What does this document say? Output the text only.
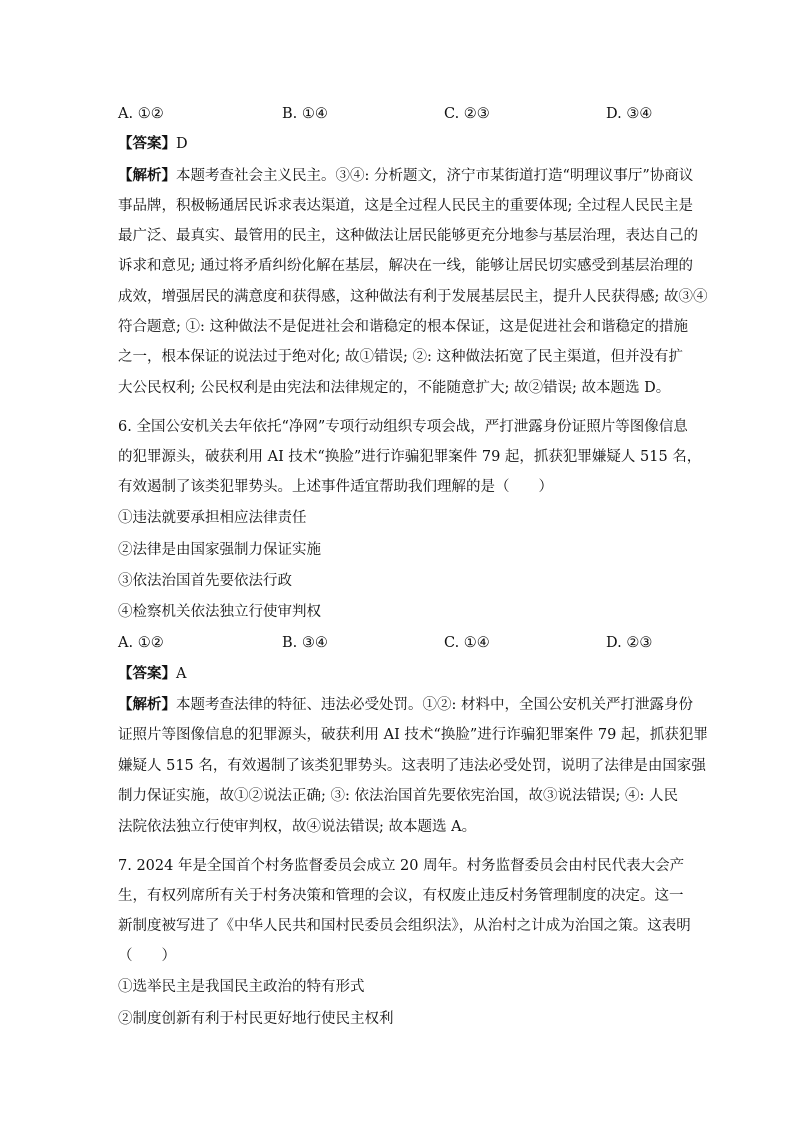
A. ①②	B. ①④	C. ②③	D. ③④
【答案】D
【解析】本题考查社会主义民主。③④: 分析题文，济宁市某街道打造“明理议事厅”协商议
事品牌，积极畅通居民诉求表达渠道，这是全过程人民民主的重要体现; 全过程人民民主是
最广泛、最真实、最管用的民主，这种做法让居民能够更充分地参与基层治理，表达自己的
诉求和意见; 通过将矛盾纠纷化解在基层，解决在一线，能够让居民切实感受到基层治理的
成效，增强居民的满意度和获得感，这种做法有利于发展基层民主，提升人民获得感; 故③④
符合题意; ①: 这种做法不是促进社会和谐稳定的根本保证，这是促进社会和谐稳定的措施
之一，根本保证的说法过于绝对化; 故①错误; ②: 这种做法拓宽了民主渠道，但并没有扩
大公民权利; 公民权利是由宪法和法律规定的，不能随意扩大; 故②错误; 故本题选 D。
6. 全国公安机关去年依托“净网”专项行动组织专项会战，严打泄露身份证照片等图像信息
的犯罪源头，破获利用 AI 技术“换脸”进行诈骗犯罪案件 79 起，抓获犯罪嫌疑人 515 名，
有效遏制了该类犯罪势头。上述事件适宜帮助我们理解的是（　　）
①违法就要承担相应法律责任
②法律是由国家强制力保证实施
③依法治国首先要依法行政
④检察机关依法独立行使审判权
A. ①②	B. ③④	C. ①④	D. ②③
【答案】A
【解析】本题考查法律的特征、违法必受处罚。①②: 材料中，全国公安机关严打泄露身份
证照片等图像信息的犯罪源头，破获利用 AI 技术“换脸”进行诈骗犯罪案件 79 起，抓获犯罪
嫌疑人 515 名，有效遏制了该类犯罪势头。这表明了违法必受处罚，说明了法律是由国家强
制力保证实施，故①②说法正确; ③: 依法治国首先要依宪治国，故③说法错误; ④: 人民
法院依法独立行使审判权，故④说法错误; 故本题选 A。
7. 2024 年是全国首个村务监督委员会成立 20 周年。村务监督委员会由村民代表大会产
生，有权列席所有关于村务决策和管理的会议，有权废止违反村务管理制度的决定。这一
新制度被写进了《中华人民共和国村民委员会组织法》，从治村之计成为治国之策。这表明
（　　）
①选举民主是我国民主政治的特有形式
②制度创新有利于村民更好地行使民主权利
